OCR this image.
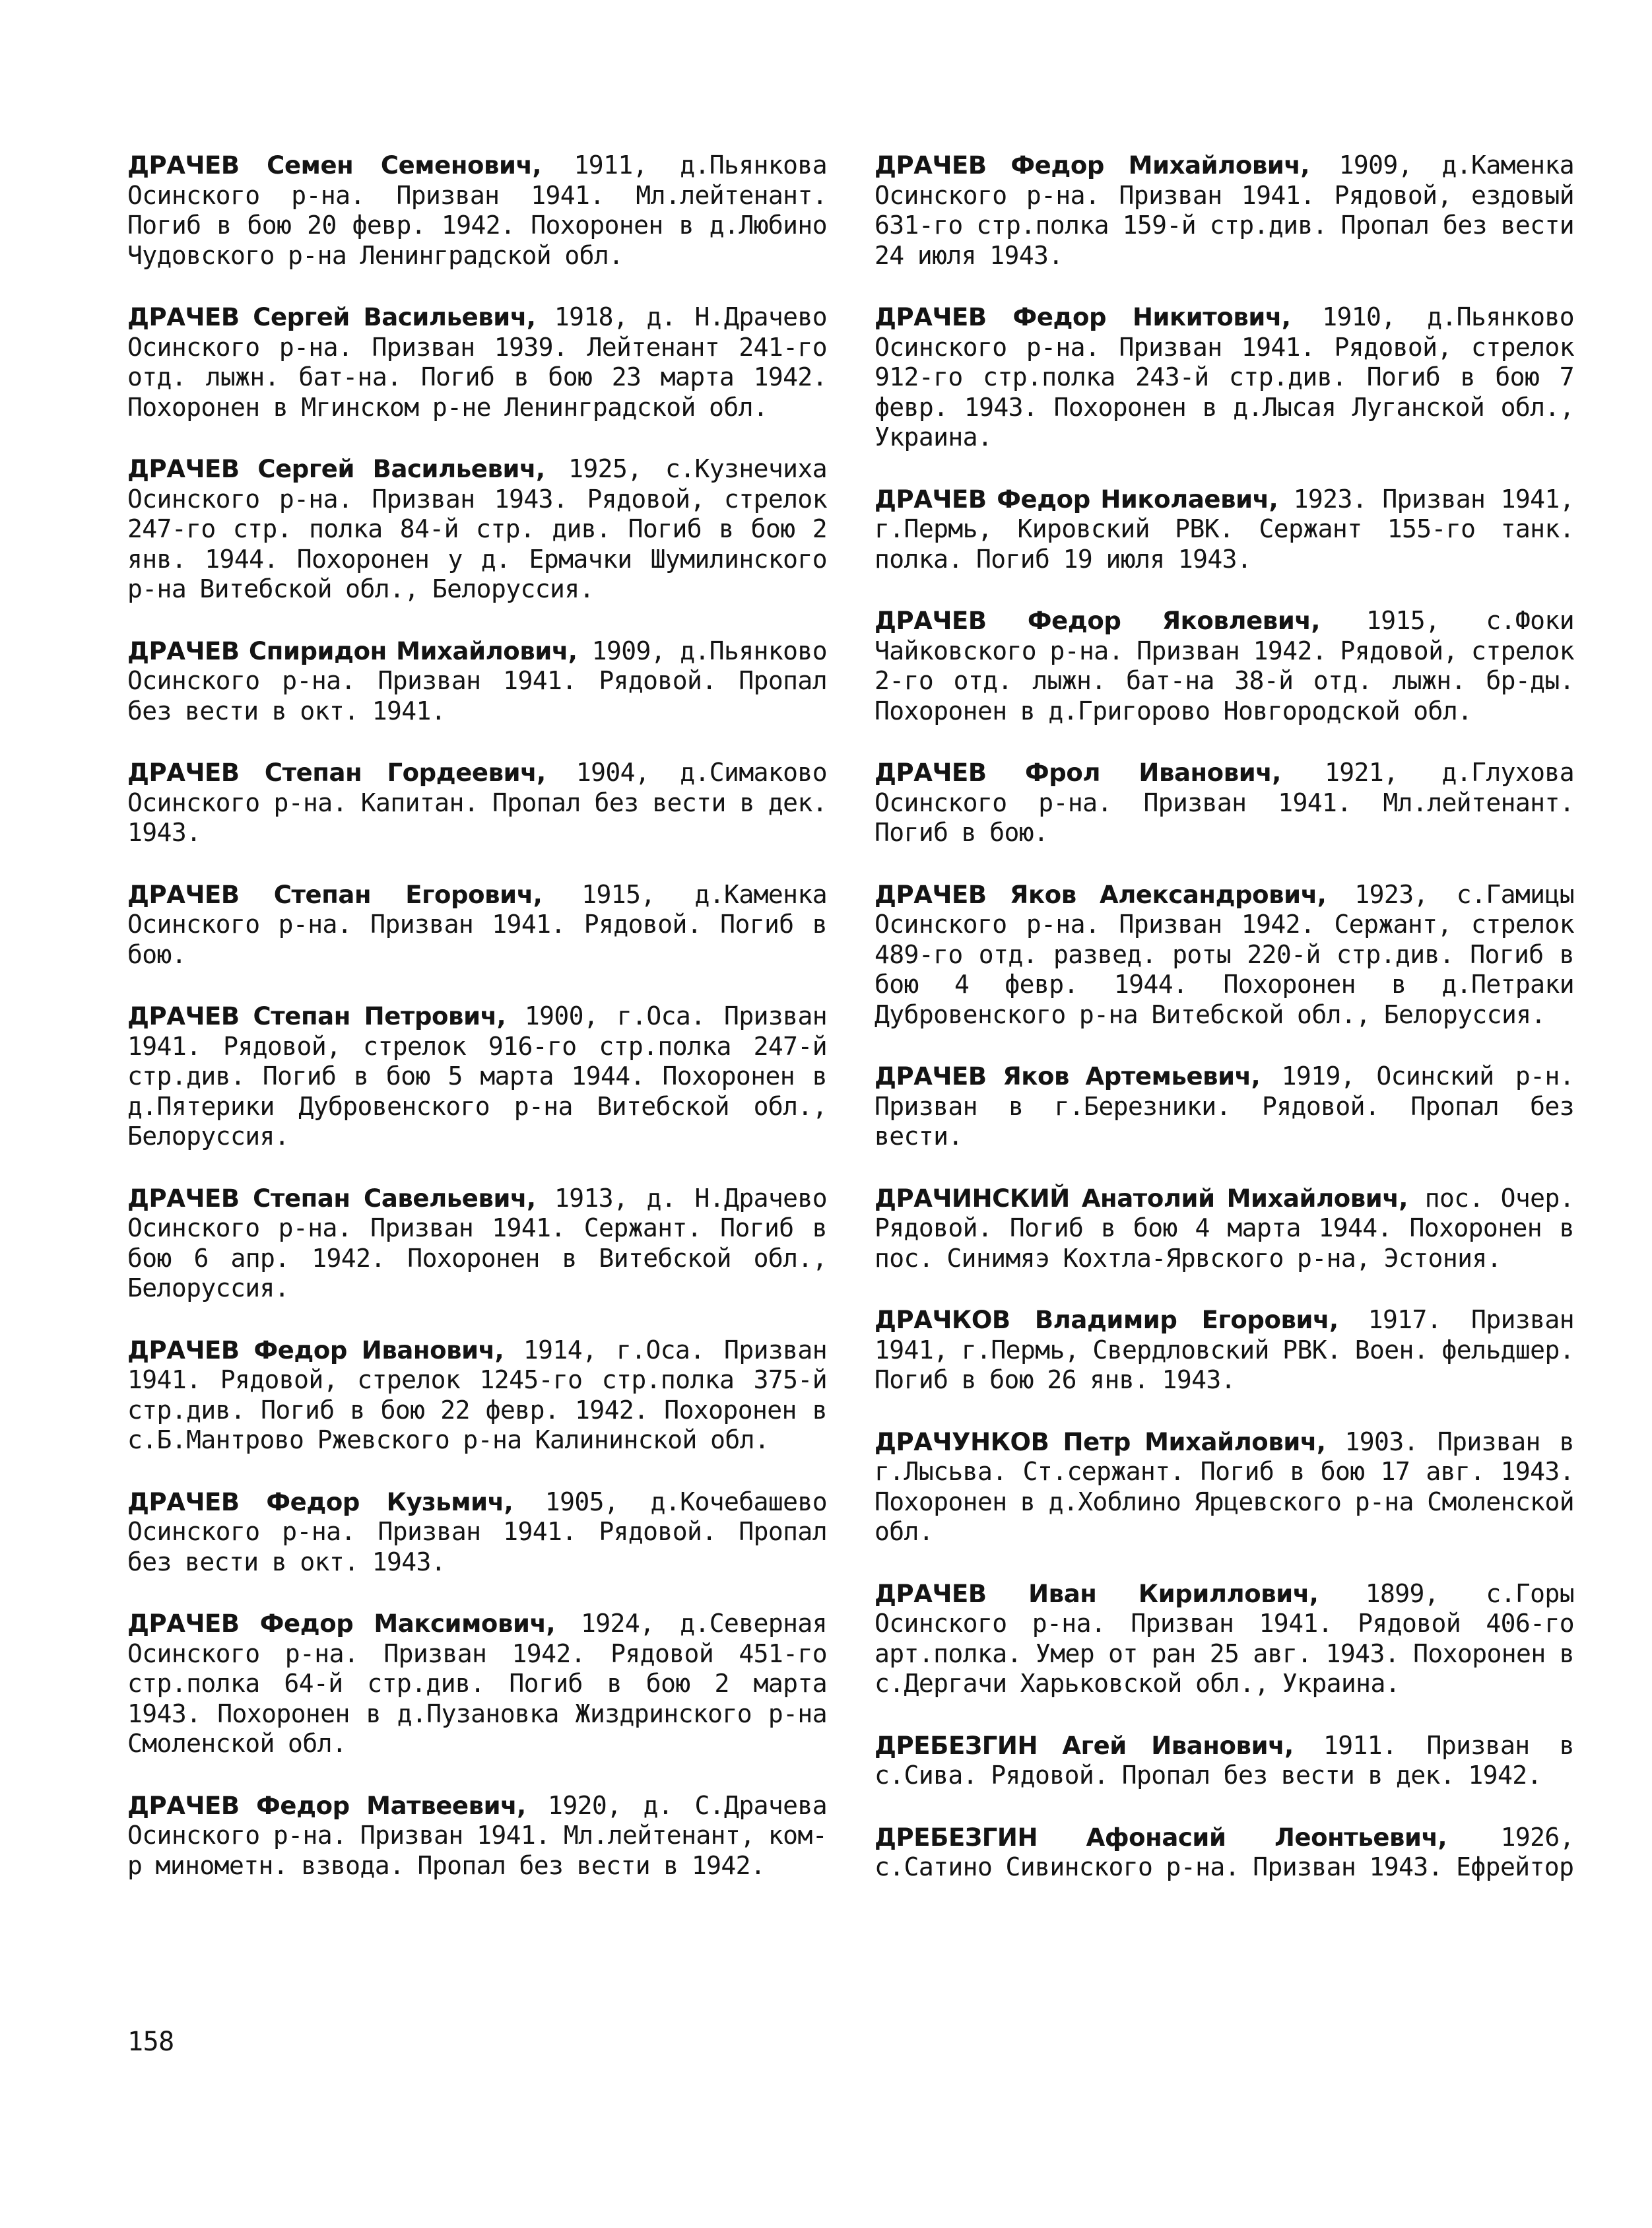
ДРАЧЕВ Семен Семенович, 1911, д.Пьянкова Осинского р-на. Призван 1941. Мл.лейтенант. Погиб в бою 20 февр. 1942. Похоронен в д.Любино Чудовского р-на Ленинградской обл.

ДРАЧЕВ Сергей Васильевич, 1918, д. Н.Драчево Осинского р-на. Призван 1939. Лейтенант 241-го отд. лыжн. бат-на. Погиб в бою 23 марта 1942. Похоронен в Мгинском р-не Ленинградской обл.

ДРАЧЕВ Сергей Васильевич, 1925, с.Кузнечиха Осинского р-на. Призван 1943. Рядовой, стрелок 247-го стр. полка 84-й стр. див. Погиб в бою 2 янв. 1944. Похоронен у д. Ермачки Шумилинского р-на Витебской обл., Белоруссия.

ДРАЧЕВ Спиридон Михайлович, 1909, д.Пьянково Осинского р-на. Призван 1941. Рядовой. Пропал без вести в окт. 1941.

ДРАЧЕВ Степан Гордеевич, 1904, д.Симаково Осинского р-на. Капитан. Пропал без вести в дек. 1943.

ДРАЧЕВ Степан Егорович, 1915, д.Каменка Осинского р-на. Призван 1941. Рядовой. Погиб в бою.

ДРАЧЕВ Степан Петрович, 1900, г.Оса. Призван 1941. Рядовой, стрелок 916-го стр.полка 247-й стр.див. Погиб в бою 5 марта 1944. Похоронен в д.Пятерики Дубровенского р-на Витебской обл., Белоруссия.

ДРАЧЕВ Степан Савельевич, 1913, д. Н.Драчево Осинского р-на. Призван 1941. Сержант. Погиб в бою 6 апр. 1942. Похоронен в Витебской обл., Белоруссия.

ДРАЧЕВ Федор Иванович, 1914, г.Оса. Призван 1941. Рядовой, стрелок 1245-го стр.полка 375-й стр.див. Погиб в бою 22 февр. 1942. Похоронен в с.Б.Мантрово Ржевского р-на Калининской обл.

ДРАЧЕВ Федор Кузьмич, 1905, д.Кочебашево Осинского р-на. Призван 1941. Рядовой. Пропал без вести в окт. 1943.

ДРАЧЕВ Федор Максимович, 1924, д.Северная Осинского р-на. Призван 1942. Рядовой 451-го стр.полка 64-й стр.див. Погиб в бою 2 марта 1943. Похоронен в д.Пузановка Жиздринского р-на Смоленской обл.

ДРАЧЕВ Федор Матвеевич, 1920, д. С.Драчева Осинского р-на. Призван 1941. Мл.лейтенант, ком-р минометн. взвода. Пропал без вести в 1942.

ДРАЧЕВ Федор Михайлович, 1909, д.Каменка Осинского р-на. Призван 1941. Рядовой, ездовый 631-го стр.полка 159-й стр.див. Пропал без вести 24 июля 1943.

ДРАЧЕВ Федор Никитович, 1910, д.Пьянково Осинского р-на. Призван 1941. Рядовой, стрелок 912-го стр.полка 243-й стр.див. Погиб в бою 7 февр. 1943. Похоронен в д.Лысая Луганской обл., Украина.

ДРАЧЕВ Федор Николаевич, 1923. Призван 1941, г.Пермь, Кировский РВК. Сержант 155-го танк. полка. Погиб 19 июля 1943.

ДРАЧЕВ Федор Яковлевич, 1915, с.Фоки Чайковского р-на. Призван 1942. Рядовой, стрелок 2-го отд. лыжн. бат-на 38-й отд. лыжн. бр-ды. Похоронен в д.Григорово Новгородской обл.

ДРАЧЕВ Фрол Иванович, 1921, д.Глухова Осинского р-на. Призван 1941. Мл.лейтенант. Погиб в бою.

ДРАЧЕВ Яков Александрович, 1923, с.Гамицы Осинского р-на. Призван 1942. Сержант, стрелок 489-го отд. развед. роты 220-й стр.див. Погиб в бою 4 февр. 1944. Похоронен в д.Петраки Дубровенского р-на Витебской обл., Белоруссия.

ДРАЧЕВ Яков Артемьевич, 1919, Осинский р-н. Призван в г.Березники. Рядовой. Пропал без вести.

ДРАЧИНСКИЙ Анатолий Михайлович, пос. Очер. Рядовой. Погиб в бою 4 марта 1944. Похоронен в пос. Синимяэ Кохтла-Ярвского р-на, Эстония.

ДРАЧКОВ Владимир Егорович, 1917. Призван 1941, г.Пермь, Свердловский РВК. Воен. фельдшер. Погиб в бою 26 янв. 1943.

ДРАЧУНКОВ Петр Михайлович, 1903. Призван в г.Лысьва. Ст.сержант. Погиб в бою 17 авг. 1943. Похоронен в д.Хоблино Ярцевского р-на Смоленской обл.

ДРАЧЕВ Иван Кириллович, 1899, с.Горы Осинского р-на. Призван 1941. Рядовой 406-го арт.полка. Умер от ран 25 авг. 1943. Похоронен в с.Дергачи Харьковской обл., Украина.

ДРЕБЕЗГИН Агей Иванович, 1911. Призван в с.Сива. Рядовой. Пропал без вести в дек. 1942.

ДРЕБЕЗГИН Афонасий Леонтьевич, 1926, с.Сатино Сивинского р-на. Призван 1943. Ефрейтор

158
